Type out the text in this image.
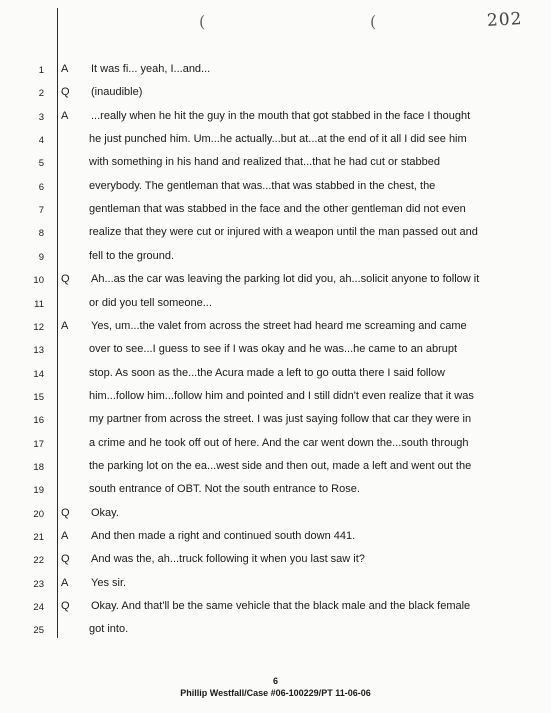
(	(	202
1 A It was fi... yeah, I...and...
2 Q (inaudible)
3 A ...really when he hit the guy in the mouth that got stabbed in the face I thought
4	he just punched him. Um...he actually...but at...at the end of it all I did see him
5	with something in his hand and realized that...that he had cut or stabbed
6	everybody. The gentleman that was...that was stabbed in the chest, the
7	gentleman that was stabbed in the face and the other gentleman did not even
8	realize that they were cut or injured with a weapon until the man passed out and
9	fell to the ground.
10 Q Ah...as the car was leaving the parking lot did you, ah...solicit anyone to follow it
11	or did you tell someone...
12 A Yes, um...the valet from across the street had heard me screaming and came
13	over to see...I guess to see if I was okay and he was...he came to an abrupt
14	stop. As soon as the...the Acura made a left to go outta there I said follow
15	him...follow him...follow him and pointed and I still didn't even realize that it was
16	my partner from across the street. I was just saying follow that car they were in
17	a crime and he took off out of here. And the car went down the...south through
18	the parking lot on the ea...west side and then out, made a left and went out the
19	south entrance of OBT. Not the south entrance to Rose.
20 Q Okay.
21 A And then made a right and continued south down 441.
22 Q And was the, ah...truck following it when you last saw it?
23 A Yes sir.
24 Q Okay. And that'll be the same vehicle that the black male and the black female
25	got into.
6
Phillip Westfall/Case #06-100229/PT 11-06-06
